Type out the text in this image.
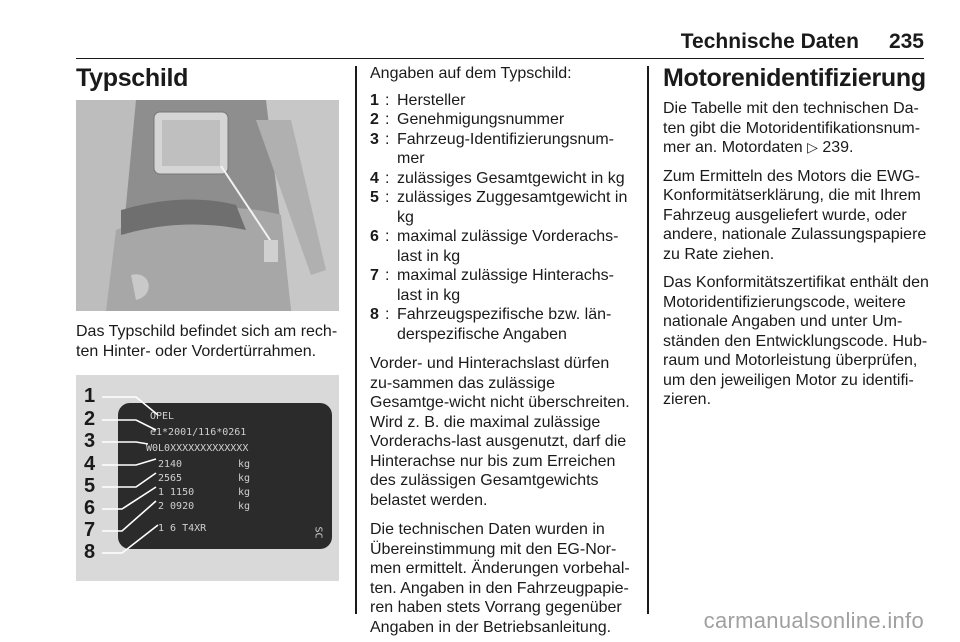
Technische Daten 235
Typschild

Das Typschild befindet sich am rech-ten Hinter- oder Vordertürrahmen.

OPEL
e1*2001/116*0261
W0L0XXXXXXXXXXXXX
2140	kg
2565	kg
1 1150	kg
2 0920	kg
1 6 T4XR	SC
1
2
3
4
5
6
7
8

Angaben auf dem Typschild:

1 : Hersteller
2 : Genehmigungsnummer
3 : Fahrzeug-Identifizierungsnum-mer
4 : zulässiges Gesamtgewicht in kg
5 : zulässiges Zuggesamtgewicht in kg
6 : maximal zulässige Vorderachs-last in kg
7 : maximal zulässige Hinterachs-last in kg
8 : Fahrzeugspezifische bzw. län-derspezifische Angaben

Vorder- und Hinterachslast dürfen zu-sammen das zulässige Gesamtge-wicht nicht überschreiten. Wird z. B. die maximal zulässige Vorderachs-last ausgenutzt, darf die Hinterachse nur bis zum Erreichen des zulässigen Gesamtgewichts belastet werden.

Die technischen Daten wurden in Übereinstimmung mit den EG-Nor-men ermittelt. Änderungen vorbehal-ten. Angaben in den Fahrzeugpapie-ren haben stets Vorrang gegenüber Angaben in der Betriebsanleitung.

Motorenidentifizierung

Die Tabelle mit den technischen Da-ten gibt die Motoridentifikationsnum-mer an. Motordaten ▷ 239.

Zum Ermitteln des Motors die EWG-Konformitätserklärung, die mit Ihrem Fahrzeug ausgeliefert wurde, oder andere, nationale Zulassungspapiere zu Rate ziehen.

Das Konformitätszertifikat enthält den Motoridentifizierungscode, weitere nationale Angaben und unter Um-ständen den Entwicklungscode. Hub-raum und Motorleistung überprüfen, um den jeweiligen Motor zu identifi-zieren.

carmanualsonline.info
